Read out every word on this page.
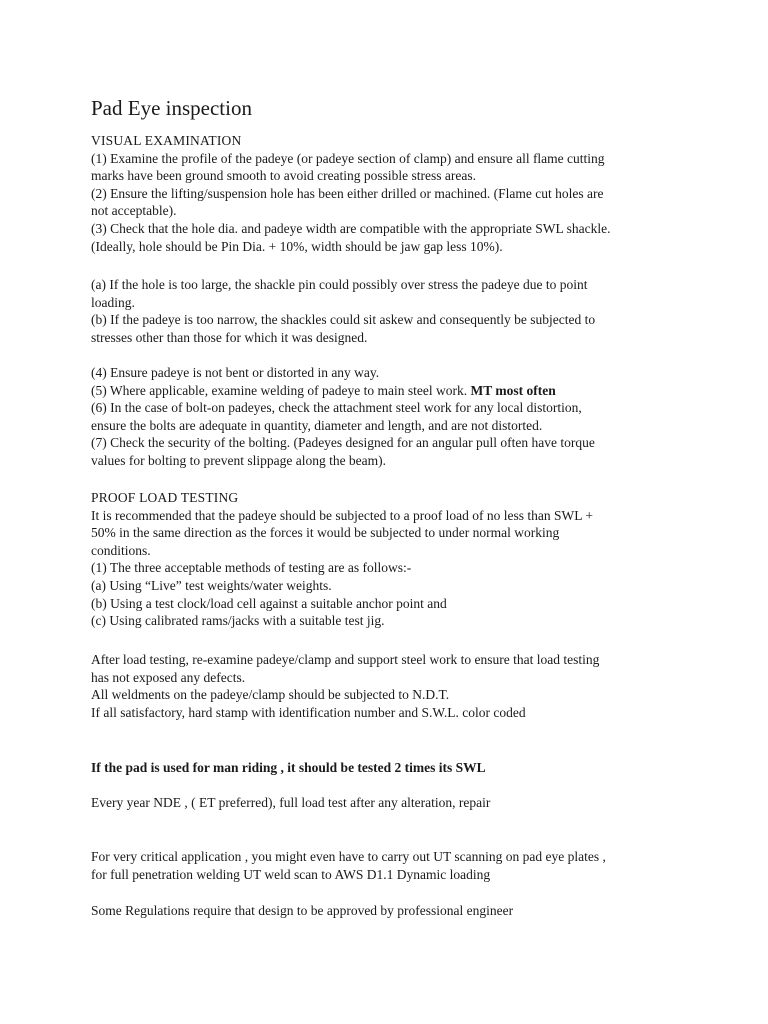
Pad Eye inspection

VISUAL EXAMINATION

(1) Examine the profile of the padeye (or padeye section of clamp) and ensure all flame cutting

marks have been ground smooth to avoid creating possible stress areas.

(2) Ensure the lifting/suspension hole has been either drilled or machined. (Flame cut holes are

not acceptable).

(3) Check that the hole dia. and padeye width are compatible with the appropriate SWL shackle.

(Ideally, hole should be Pin Dia. + 10%, width should be jaw gap less 10%).

(a) If the hole is too large, the shackle pin could possibly over stress the padeye due to point

loading.

(b) If the padeye is too narrow, the shackles could sit askew and consequently be subjected to

stresses other than those for which it was designed.

(4) Ensure padeye is not bent or distorted in any way.

(5) Where applicable, examine welding of padeye to main steel work. MT most often

(6) In the case of bolt-on padeyes, check the attachment steel work for any local distortion,

ensure the bolts are adequate in quantity, diameter and length, and are not distorted.

(7) Check the security of the bolting. (Padeyes designed for an angular pull often have torque

values for bolting to prevent slippage along the beam).

PROOF LOAD TESTING

It is recommended that the padeye should be subjected to a proof load of no less than SWL +

50% in the same direction as the forces it would be subjected to under normal working

conditions.

(1) The three acceptable methods of testing are as follows:-

(a) Using “Live” test weights/water weights.

(b) Using a test clock/load cell against a suitable anchor point and

(c) Using calibrated rams/jacks with a suitable test jig.

After load testing, re-examine padeye/clamp and support steel work to ensure that load testing

has not exposed any defects.

All weldments on the padeye/clamp should be subjected to N.D.T.

If all satisfactory, hard stamp with identification number and S.W.L. color coded

If the pad is used for man riding , it should be tested 2 times its SWL

Every year NDE , ( ET preferred), full load test after any alteration, repair

For very critical application , you might even have to carry out UT scanning on pad eye plates ,

for full penetration welding UT weld scan to AWS D1.1 Dynamic loading

Some Regulations require that design to be approved by professional engineer
